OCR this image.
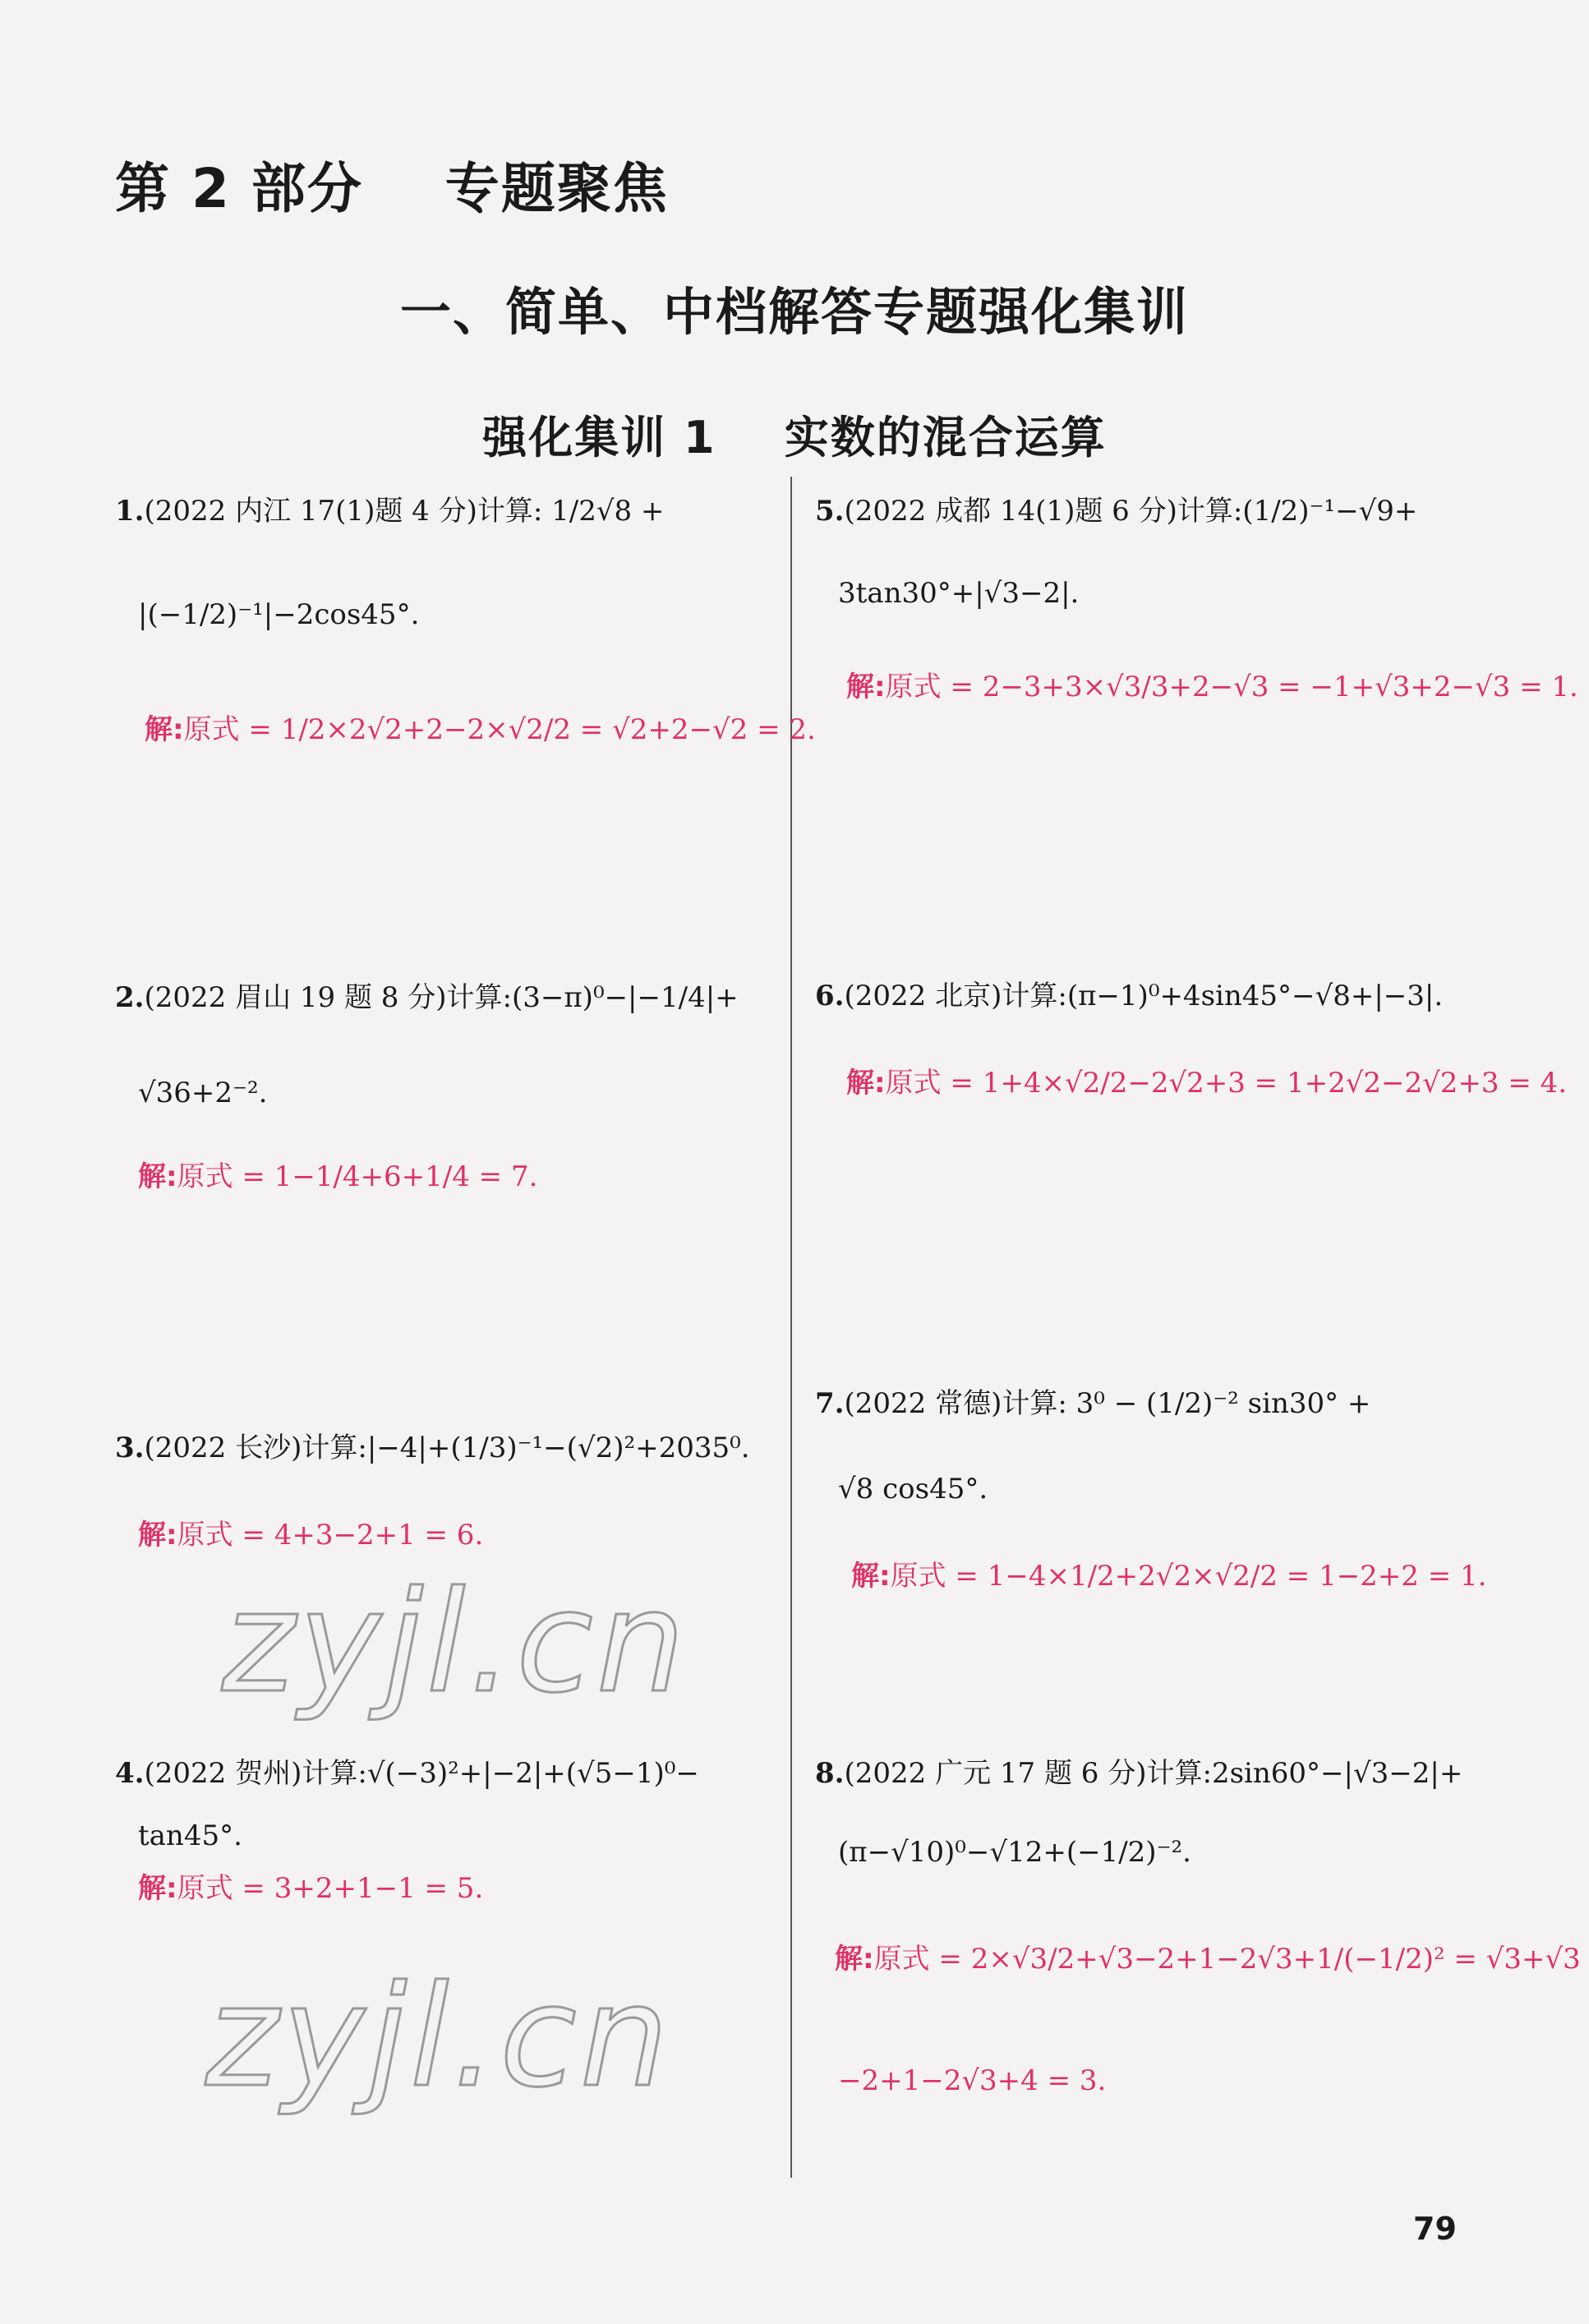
第 2 部分    专题聚焦
一、简单、中档解答专题强化集训
强化集训 1    实数的混合运算
1.(2022 内江 17(1)题 4 分)计算: 1/2√8 +
|(−1/2)⁻¹|−2cos45°.
解:原式 = 1/2×2√2+2−2×√2/2 = √2+2−√2 = 2.
2.(2022 眉山 19 题 8 分)计算:(3−π)⁰−|−1/4|+
√36+2⁻².
解:原式 = 1−1/4+6+1/4 = 7.
3.(2022 长沙)计算:|−4|+(1/3)⁻¹−(√2)²+2035⁰.
解:原式 = 4+3−2+1 = 6.
zyjl.cn
4.(2022 贺州)计算:√(−3)²+|−2|+(√5−1)⁰−
tan45°.
解:原式 = 3+2+1−1 = 5.
zyjl.cn
5.(2022 成都 14(1)题 6 分)计算:(1/2)⁻¹−√9+
3tan30°+|√3−2|.
解:原式 = 2−3+3×√3/3+2−√3 = −1+√3+2−√3 = 1.
6.(2022 北京)计算:(π−1)⁰+4sin45°−√8+|−3|.
解:原式 = 1+4×√2/2−2√2+3 = 1+2√2−2√2+3 = 4.
7.(2022 常德)计算: 3⁰ − (1/2)⁻² sin30° +
√8 cos45°.
解:原式 = 1−4×1/2+2√2×√2/2 = 1−2+2 = 1.
8.(2022 广元 17 题 6 分)计算:2sin60°−|√3−2|+
(π−√10)⁰−√12+(−1/2)⁻².
解:原式 = 2×√3/2+√3−2+1−2√3+1/(−1/2)² = √3+√3
−2+1−2√3+4 = 3.
79
